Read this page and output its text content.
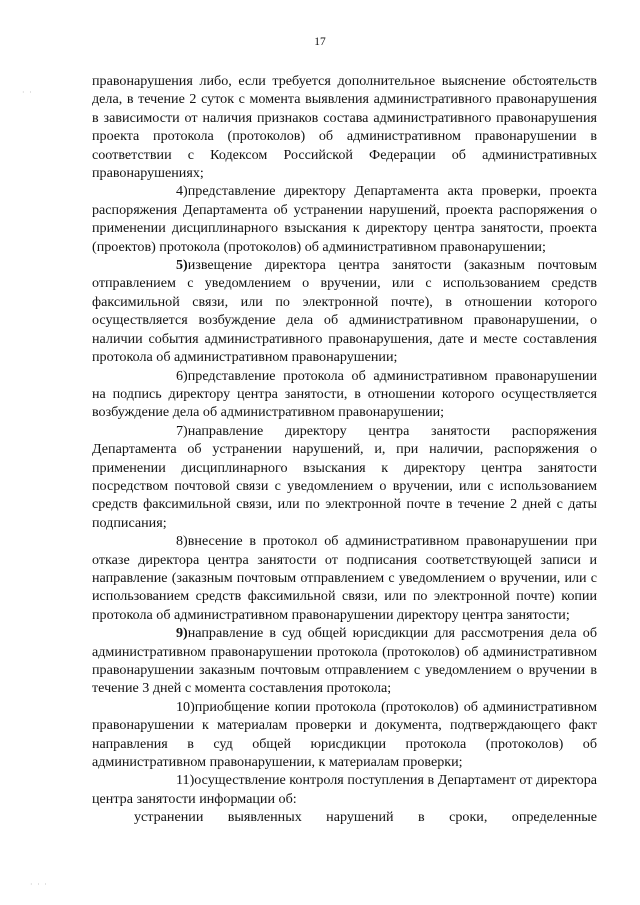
17

правонарушения либо, если требуется дополнительное выяснение обстоятельств дела, в течение 2 суток с момента выявления административного правонарушения в зависимости от наличия признаков состава административного правонарушения проекта протокола (протоколов) об административном правонарушении в соответствии с Кодексом Российской Федерации об административных правонарушениях;

4)представление директору Департамента акта проверки, проекта распоряжения Департамента об устранении нарушений, проекта распоряжения о применении дисциплинарного взыскания к директору центра занятости, проекта (проектов) протокола (протоколов) об административном правонарушении;

5)извещение директора центра занятости (заказным почтовым отправлением с уведомлением о вручении, или с использованием средств факсимильной связи, или по электронной почте), в отношении которого осуществляется возбуждение дела об административном правонарушении, о наличии события административного правонарушения, дате и месте составления протокола об административном правонарушении;

6)представление протокола об административном правонарушении на подпись директору центра занятости, в отношении которого осуществляется возбуждение дела об административном правонарушении;

7)направление директору центра занятости распоряжения Департамента об устранении нарушений, и, при наличии, распоряжения о применении дисциплинарного взыскания к директору центра занятости посредством почтовой связи с уведомлением о вручении, или с использованием средств факсимильной связи, или по электронной почте в течение 2 дней с даты подписания;

8)внесение в протокол об административном правонарушении при отказе директора центра занятости от подписания соответствующей записи и направление (заказным почтовым отправлением с уведомлением о вручении, или с использованием средств факсимильной связи, или по электронной почте) копии протокола об административном правонарушении директору центра занятости;

9)направление в суд общей юрисдикции для рассмотрения дела об административном правонарушении протокола (протоколов) об административном правонарушении заказным почтовым отправлением с уведомлением о вручении в течение 3 дней с момента составления протокола;

10)приобщение копии протокола (протоколов) об административном правонарушении к материалам проверки и документа, подтверждающего факт направления в суд общей юрисдикции протокола (протоколов) об административном правонарушении, к материалам проверки;

11)осуществление контроля поступления в Департамент от директора центра занятости информации об:

устранении выявленных нарушений в сроки, определенные

· ·
· · ·
